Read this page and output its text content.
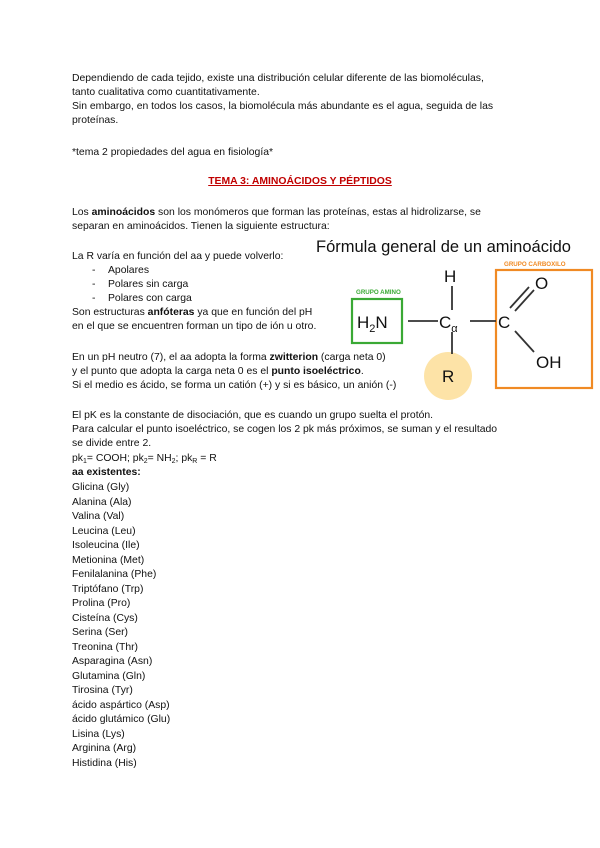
Dependiendo de cada tejido, existe una distribución celular diferente de las biomoléculas,
tanto cualitativa como cuantitativamente.
Sin embargo, en todos los casos, la biomolécula más abundante es el agua, seguida de las
proteínas.
*tema 2 propiedades del agua en fisiología*
TEMA 3: AMINOÁCIDOS Y PÉPTIDOS
Los aminoácidos son los monómeros que forman las proteínas, estas al hidrolizarse, se
separan en aminoácidos. Tienen la siguiente estructura:
La R varía en función del aa y puede volverlo:
- Apolares
- Polares sin carga
- Polares con carga
Son estructuras anfóteras ya que en función del pH
en el que se encuentren forman un tipo de ión u otro.
En un pH neutro (7), el aa adopta la forma zwitterion (carga neta 0)
y el punto que adopta la carga neta 0 es el punto isoeléctrico.
Si el medio es ácido, se forma un catión (+) y si es básico, un anión (-)
El pK es la constante de disociación, que es cuando un grupo suelta el protón.
Para calcular el punto isoeléctrico, se cogen los 2 pk más próximos, se suman y el resultado
se divide entre 2.
$pk_1=$ COOH; $pk_2= NH_2$; $pk_R = R$
aa existentes:
Glicina (Gly)
Alanina (Ala)
Valina (Val)
Leucina (Leu)
Isoleucina (Ile)
Metionina (Met)
Fenilalanina (Phe)
Triptófano (Trp)
Prolina (Pro)
Cisteína (Cys)
Serina (Ser)
Treonina (Thr)
Asparagina (Asn)
Glutamina (Gln)
Tirosina (Tyr)
ácido aspártico (Asp)
ácido glutámico (Glu)
Lisina (Lys)
Arginina (Arg)
Histidina (His)
Fórmula general de un aminoácido
GRUPO AMINO
GRUPO CARBOXILO
H
$H_2N$	$C_\alpha$ C
O
OH
R
